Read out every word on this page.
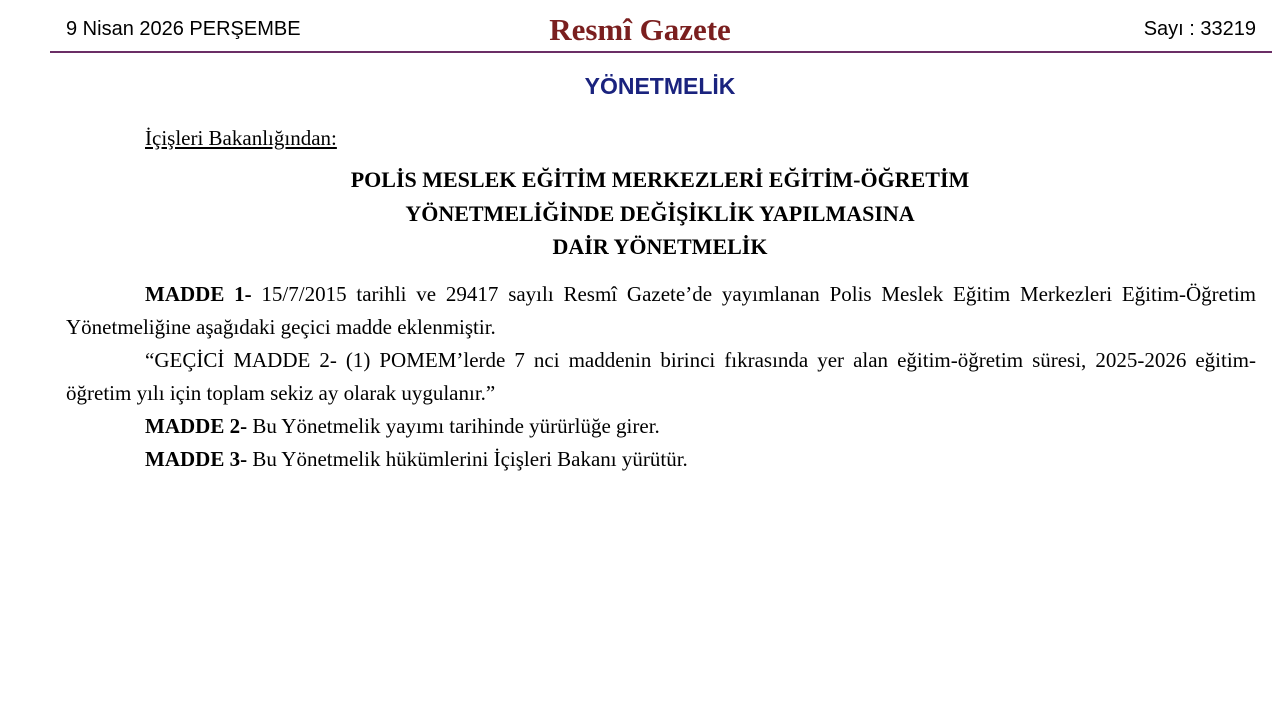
9 Nisan 2026 PERŞEMBE	Resmî Gazete	Sayı : 33219
YÖNETMELİK
İçişleri Bakanlığından:
POLİS MESLEK EĞİTİM MERKEZLERİ EĞİTİM-ÖĞRETİM
YÖNETMELİĞİNDE DEĞİŞİKLİK YAPILMASINA
DAİR YÖNETMELİK

MADDE 1- 15/7/2015 tarihli ve 29417 sayılı Resmî Gazete’de yayımlanan Polis Meslek Eğitim Merkezleri Eğitim-Öğretim Yönetmeliğine aşağıdaki geçici madde eklenmiştir.

“GEÇİCİ MADDE 2- (1) POMEM’lerde 7 nci maddenin birinci fıkrasında yer alan eğitim-öğretim süresi, 2025-2026 eğitim-öğretim yılı için toplam sekiz ay olarak uygulanır.”

MADDE 2- Bu Yönetmelik yayımı tarihinde yürürlüğe girer.

MADDE 3- Bu Yönetmelik hükümlerini İçişleri Bakanı yürütür.
